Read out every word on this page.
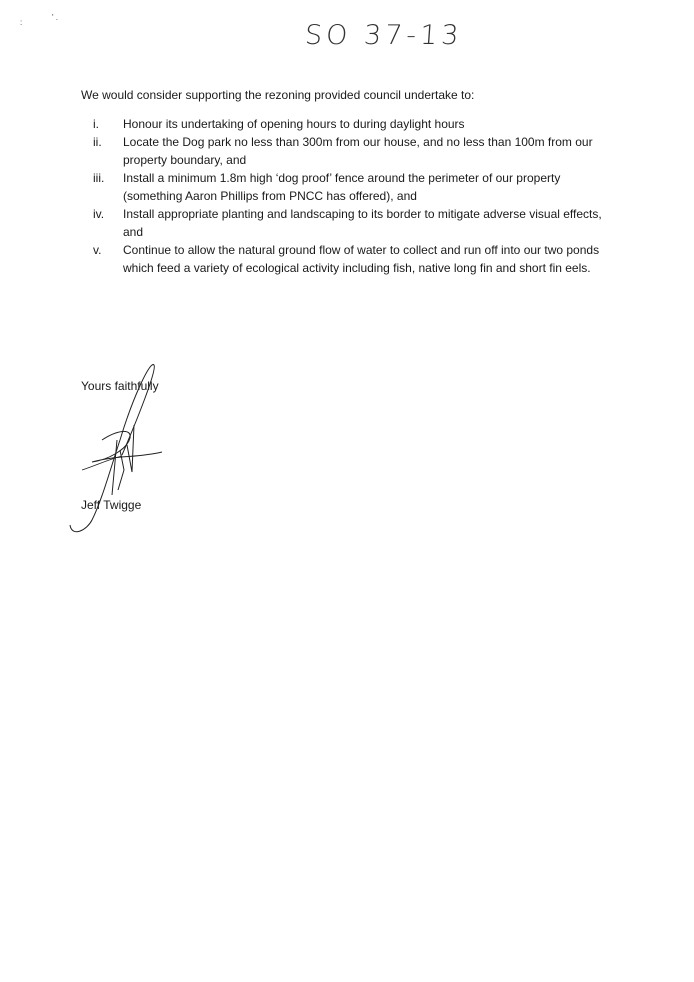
:
' .
SO 37-13
We would consider supporting the rezoning provided council undertake to:
i.	Honour its undertaking of opening hours to during daylight hours
ii.	Locate the Dog park no less than 300m from our house, and no less than 100m from our property boundary, and
iii.	Install a minimum 1.8m high ‘dog proof’ fence around the perimeter of our property (something Aaron Phillips from PNCC has offered), and
iv.	Install appropriate planting and landscaping to its border to mitigate adverse visual effects, and
v.	Continue to allow the natural ground flow of water to collect and run off into our two ponds which feed a variety of ecological activity including fish, native long fin and short fin eels.
Yours faithfully
Jeff Twigge
